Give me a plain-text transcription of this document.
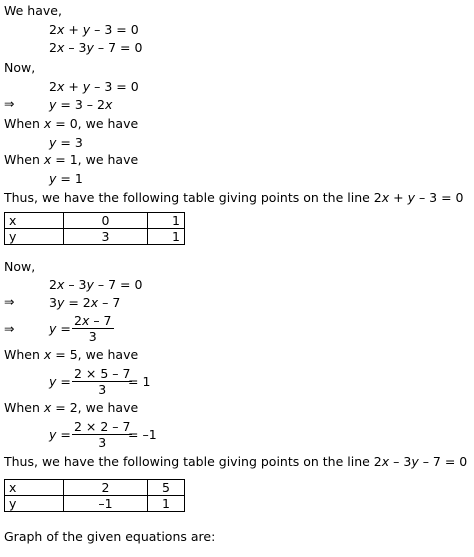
We have,
2x + y – 3 = 0
2x – 3y – 7 = 0
Now,
2x + y – 3 = 0
⇒	y = 3 – 2x
When x = 0, we have
y = 3
When x = 1, we have
y = 1
Thus, we have the following table giving points on the line 2x + y – 3 = 0
x	0	1
y	3	1
Now,
2x – 3y – 7 = 0
⇒	3y = 2x – 7
⇒	$y = \frac{2x - 7}{3}$
When x = 5, we have
$y = \frac{2 \times 5 - 7}{3}$
= 1
When x = 2, we have
$y = \frac{2 \times 2 - 7}{3}$
= –1
Thus, we have the following table giving points on the line 2x – 3y – 7 = 0
x	2	5
y	–1	1
Graph of the given equations are:
